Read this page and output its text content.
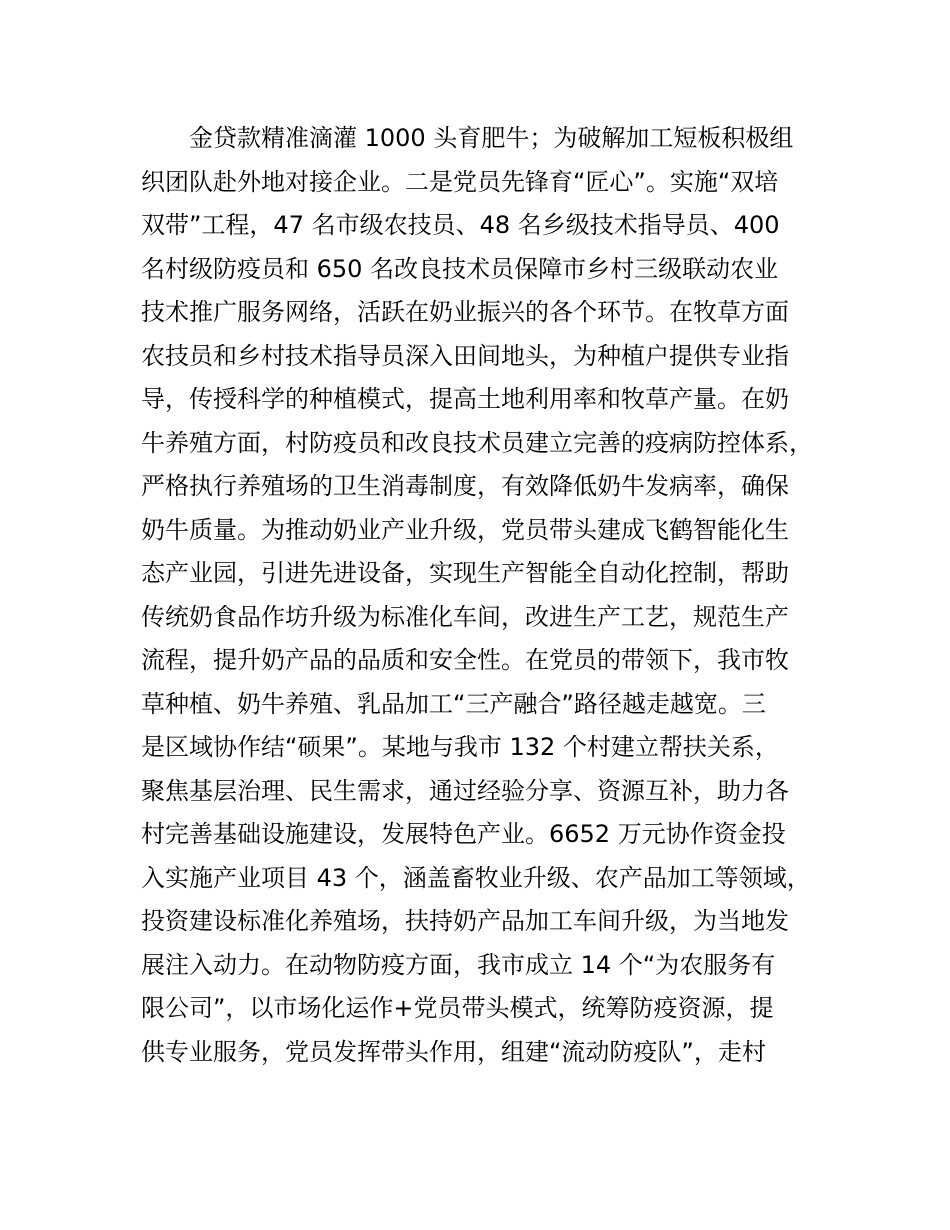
金贷款精准滴灌 1000 头育肥牛；为破解加工短板积极组
织团队赴外地对接企业。二是党员先锋育“匠心”。实施“双培
双带”工程，47 名市级农技员、48 名乡级技术指导员、400
名村级防疫员和 650 名改良技术员保障市乡村三级联动农业
技术推广服务网络，活跃在奶业振兴的各个环节。在牧草方面
农技员和乡村技术指导员深入田间地头，为种植户提供专业指
导，传授科学的种植模式，提高土地利用率和牧草产量。在奶
牛养殖方面，村防疫员和改良技术员建立完善的疫病防控体系，
严格执行养殖场的卫生消毒制度，有效降低奶牛发病率，确保
奶牛质量。为推动奶业产业升级，党员带头建成飞鹤智能化生
态产业园，引进先进设备，实现生产智能全自动化控制，帮助
传统奶食品作坊升级为标准化车间，改进生产工艺，规范生产
流程，提升奶产品的品质和安全性。在党员的带领下，我市牧
草种植、奶牛养殖、乳品加工“三产融合”路径越走越宽。三
是区域协作结“硕果”。某地与我市 132 个村建立帮扶关系，
聚焦基层治理、民生需求，通过经验分享、资源互补，助力各
村完善基础设施建设，发展特色产业。6652 万元协作资金投
入实施产业项目 43 个，涵盖畜牧业升级、农产品加工等领域，
投资建设标准化养殖场，扶持奶产品加工车间升级，为当地发
展注入动力。在动物防疫方面，我市成立 14 个“为农服务有
限公司”，以市场化运作+党员带头模式，统筹防疫资源，提
供专业服务，党员发挥带头作用，组建“流动防疫队”，走村
